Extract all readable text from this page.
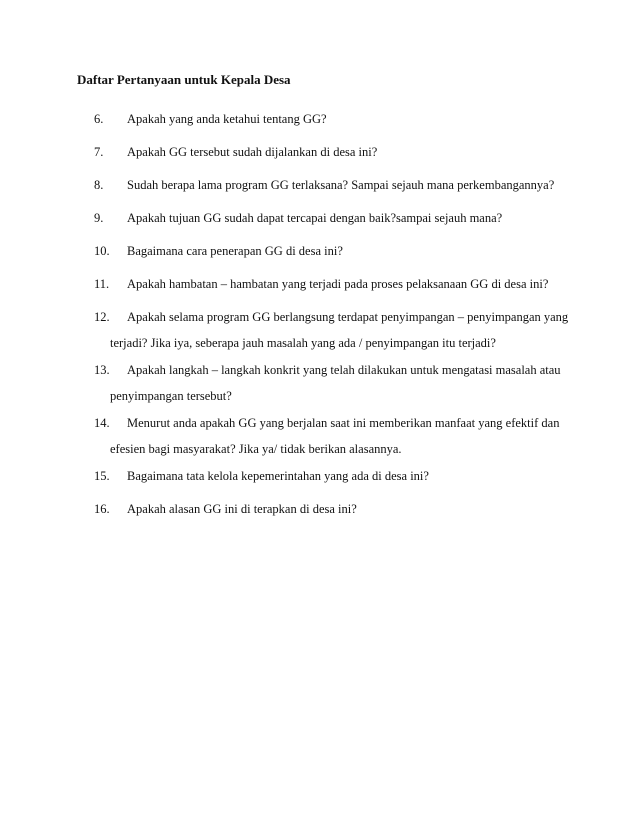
Daftar Pertanyaan untuk Kepala Desa
6.	Apakah yang anda ketahui tentang GG?
7.	Apakah GG tersebut sudah dijalankan di desa ini?
8.	Sudah berapa lama program GG terlaksana? Sampai sejauh mana perkembangannya?
9.	Apakah tujuan GG sudah dapat tercapai dengan baik?sampai sejauh mana?
10.	Bagaimana cara penerapan GG di desa ini?
11.	Apakah hambatan – hambatan yang terjadi pada proses pelaksanaan GG di desa ini?
12.	Apakah selama program GG berlangsung terdapat penyimpangan – penyimpangan yang terjadi? Jika iya, seberapa jauh masalah yang ada / penyimpangan itu terjadi?
13.	Apakah langkah – langkah konkrit yang telah dilakukan untuk mengatasi masalah atau penyimpangan tersebut?
14.	Menurut anda apakah GG yang berjalan saat ini memberikan manfaat yang efektif dan efesien bagi masyarakat? Jika ya/ tidak berikan alasannya.
15.	Bagaimana tata kelola kepemerintahan yang ada di desa ini?
16.	Apakah alasan GG ini di terapkan di desa ini?
